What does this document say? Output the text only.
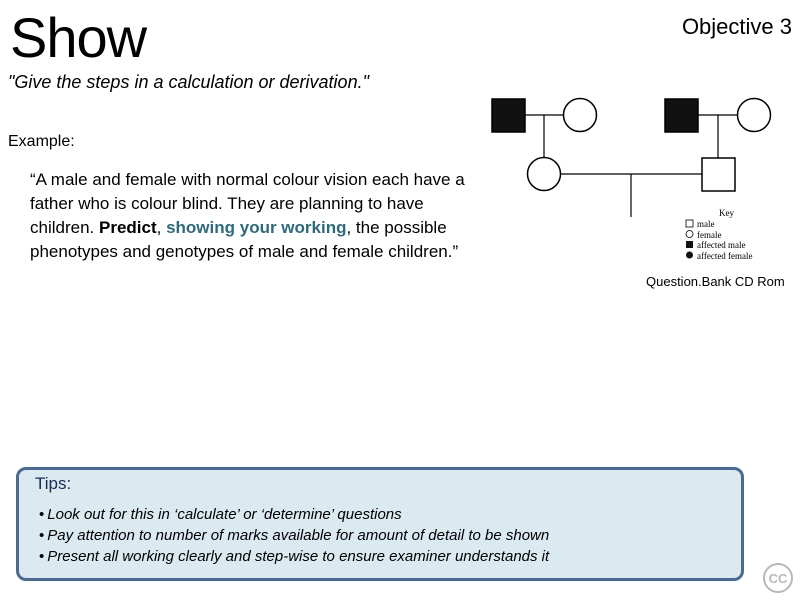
Show	Objective 3
"Give the steps in a calculation or derivation."
Example:
“A male and female with normal colour vision each have a father who is colour blind. They are planning to have children. Predict, showing your working, the possible phenotypes and genotypes of male and female children.”
Key
male
female
affected male
affected female
Question.Bank CD Rom
Tips:
• Look out for this in ‘calculate’ or ‘determine’ questions
• Pay attention to number of marks available for amount of detail to be shown
• Present all working clearly and step-wise to ensure examiner understands it
CC
